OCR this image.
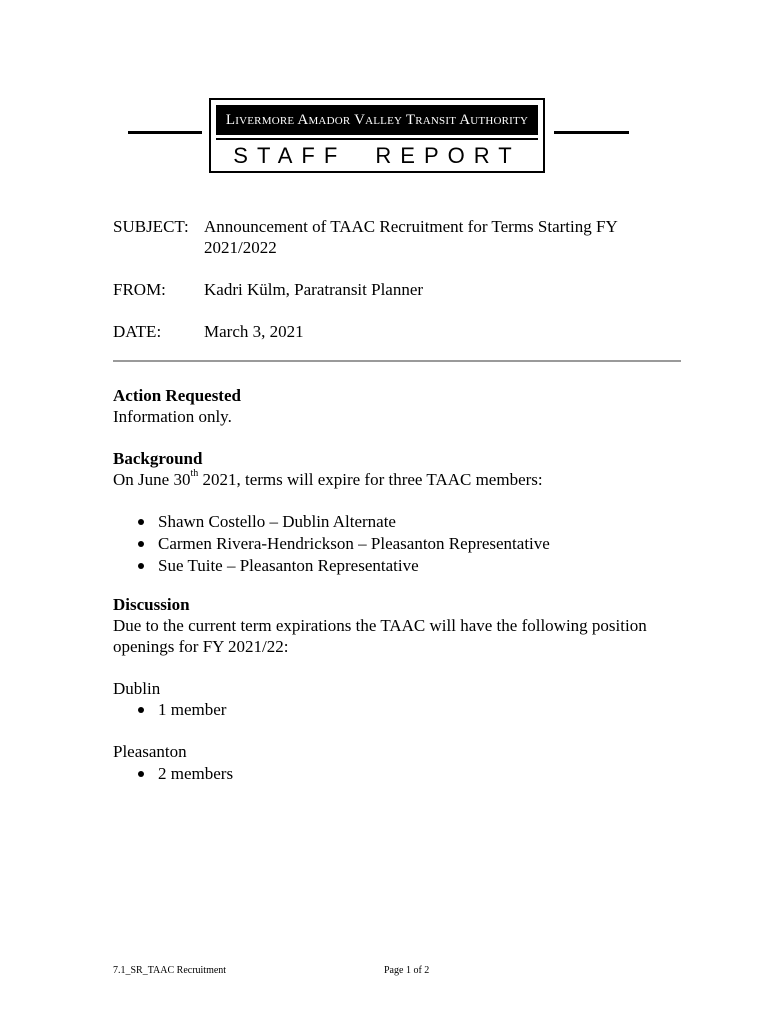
Livermore Amador Valley Transit Authority
STAFF REPORT
SUBJECT: Announcement of TAAC Recruitment for Terms Starting FY 2021/2022
FROM: Kadri Külm, Paratransit Planner
DATE:	March 3, 2021
Action Requested
Information only.
Background
On June 30th 2021, terms will expire for three TAAC members:
Shawn Costello – Dublin Alternate
Carmen Rivera-Hendrickson – Pleasanton Representative
Sue Tuite – Pleasanton Representative
Discussion
Due to the current term expirations the TAAC will have the following position openings for FY 2021/22:
Dublin
1 member
Pleasanton
2 members
7.1_SR_TAAC Recruitment	Page 1 of 2
